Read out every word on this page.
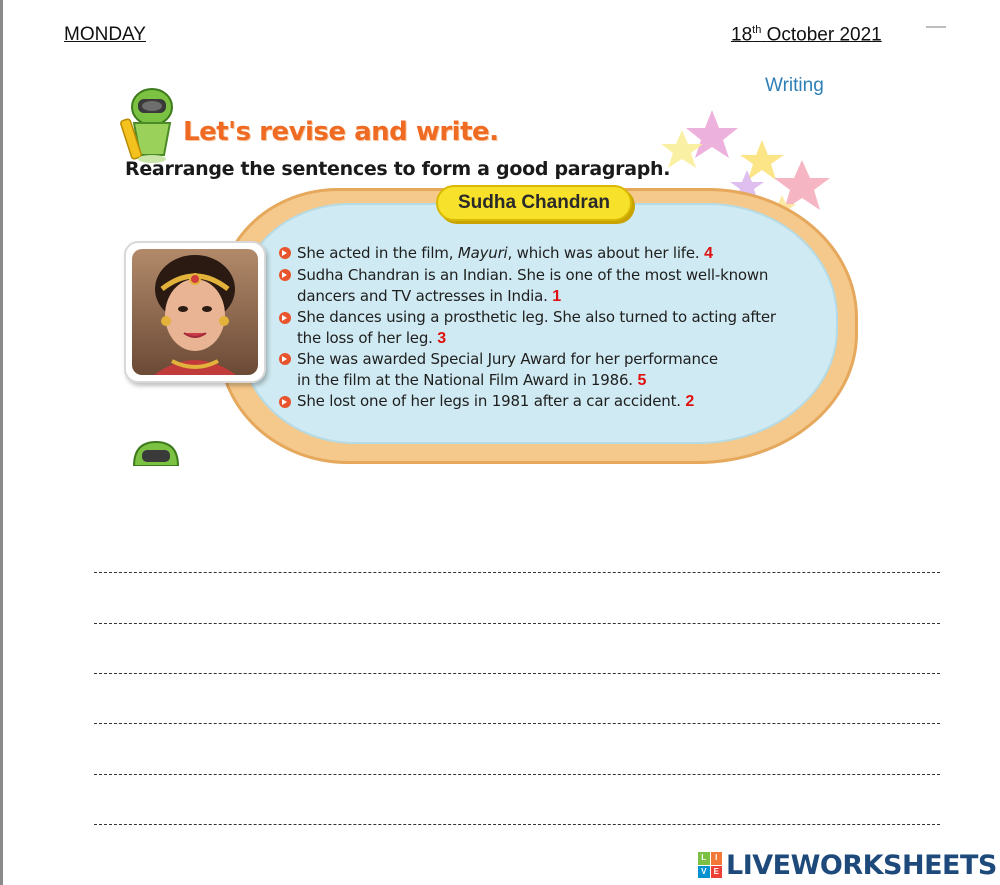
MONDAY	18th October 2021
Writing
Let's revise and write.
Rearrange the sentences to form a good paragraph.
Sudha Chandran
She acted in the film, Mayuri, which was about her life. 4
Sudha Chandran is an Indian. She is one of the most well-known
dancers and TV actresses in India. 1
She dances using a prosthetic leg. She also turned to acting after
the loss of her leg. 3
She was awarded Special Jury Award for her performance
in the film at the National Film Award in 1986. 5
She lost one of her legs in 1981 after a car accident. 2
L	I
V E LIVEWORKSHEETS
